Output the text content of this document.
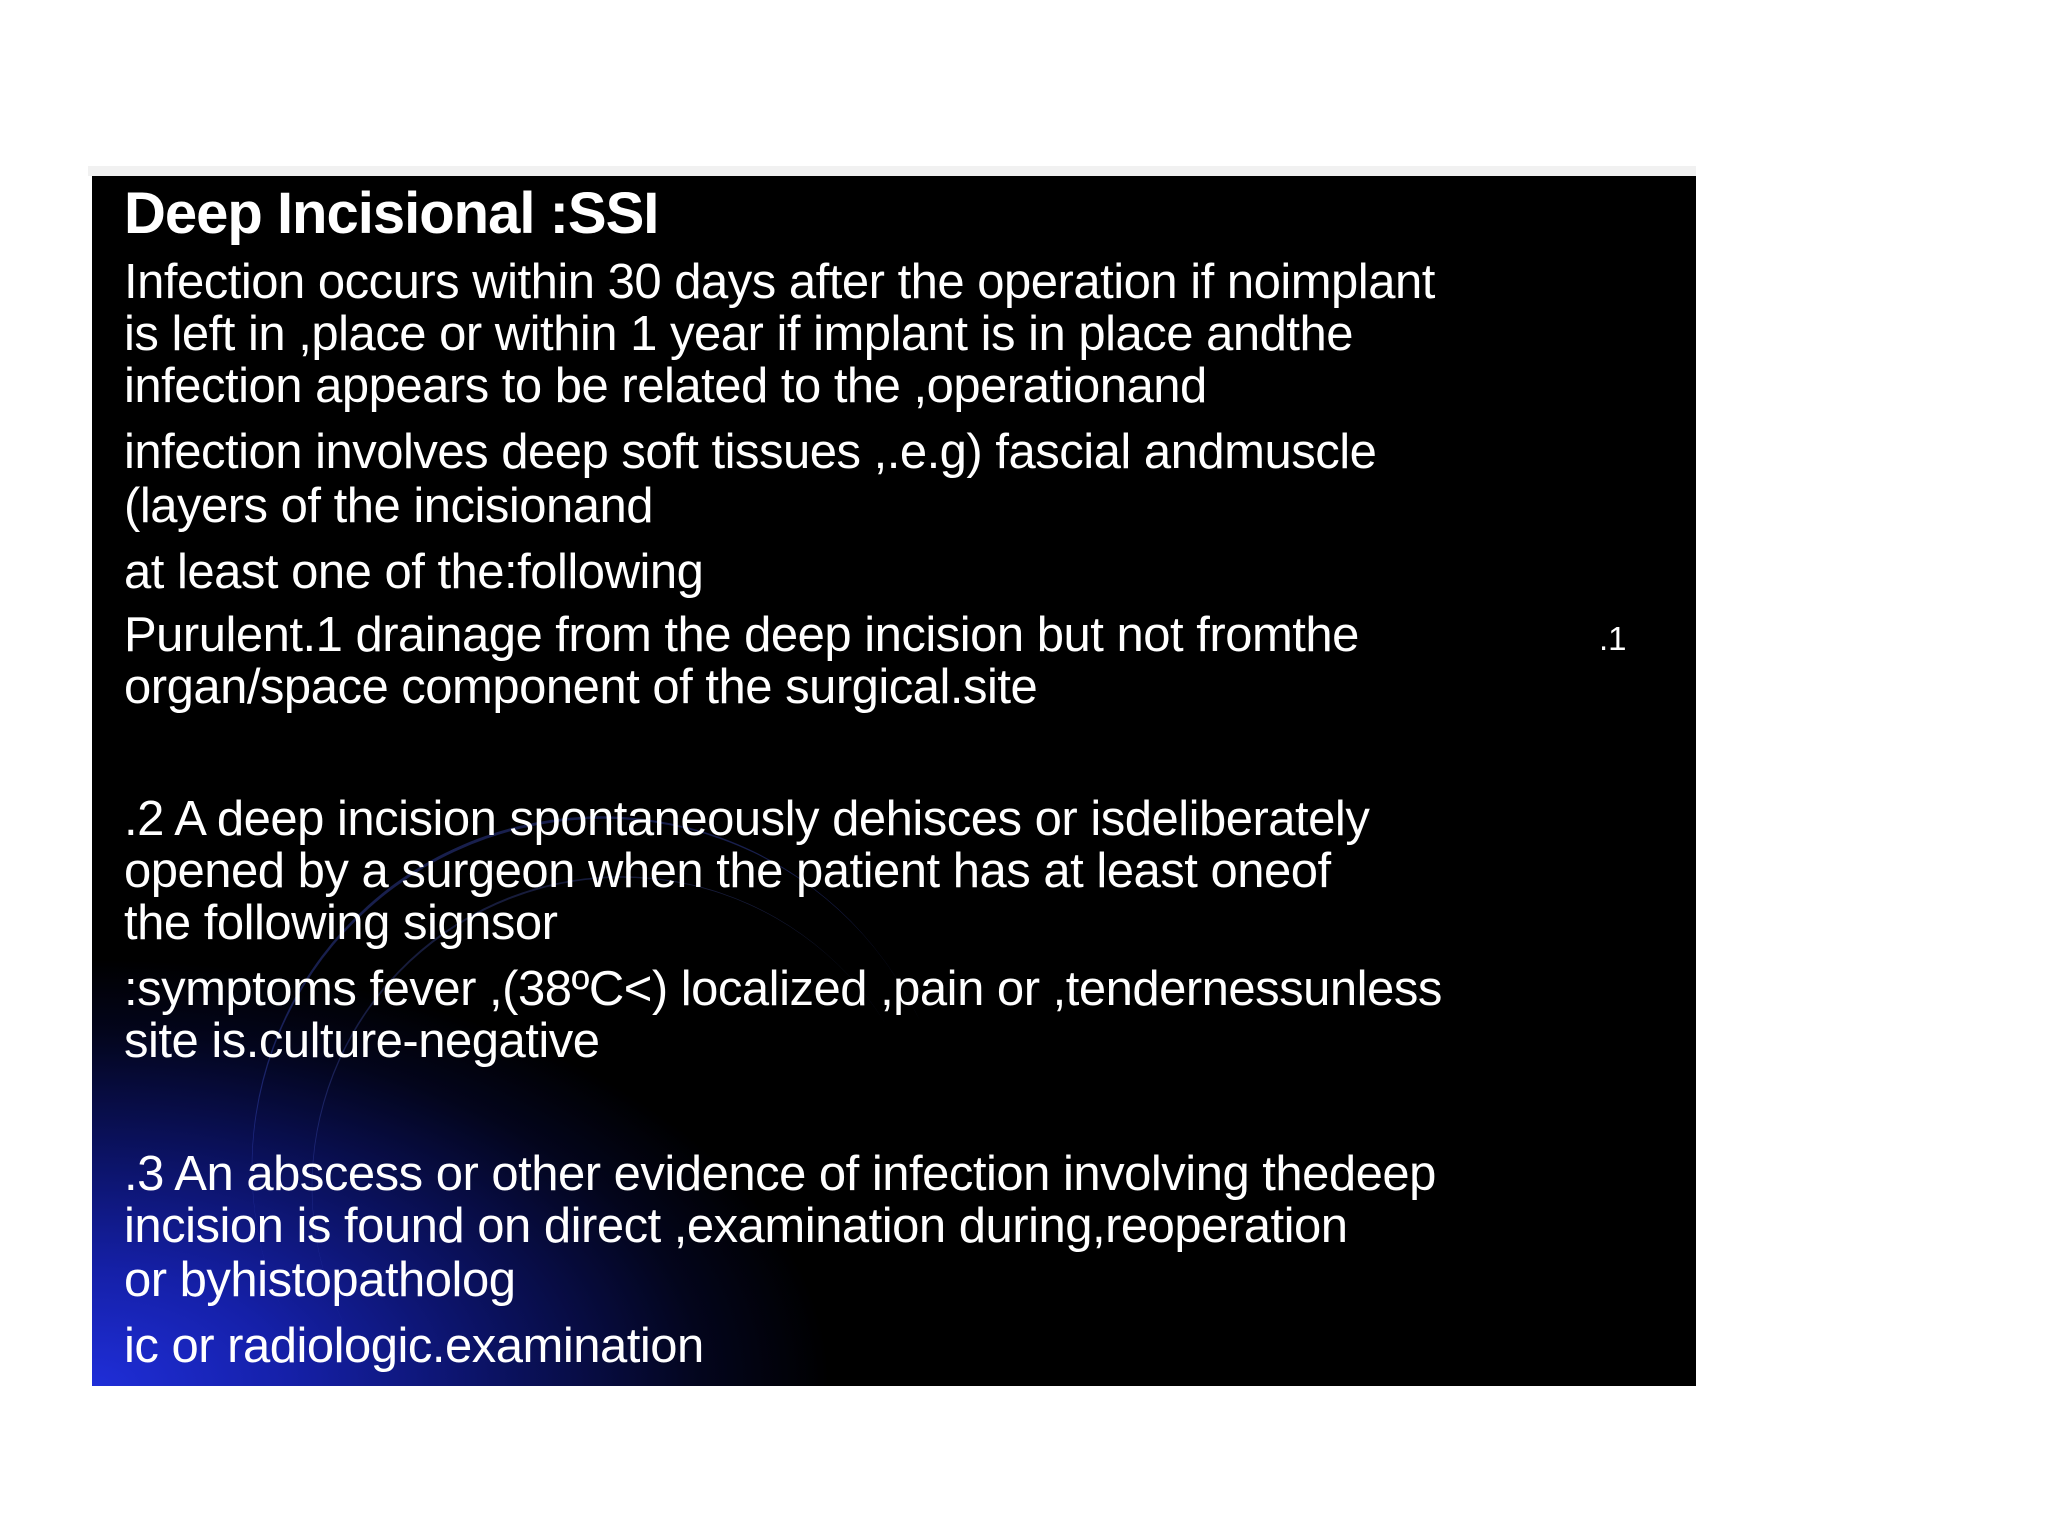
Deep Incisional :SSI

Infection occurs within 30 days after the operation if noimplant

is left in ,place or within 1 year if implant is in place andthe

infection appears to be related to the ,operationand

infection involves deep soft tissues ,.e.g) fascial andmuscle

(layers of the incisionand

at least one of the:following

Purulent.1 drainage from the deep incision but not fromthe

organ/space component of the surgical.site

.2 A deep incision spontaneously dehisces or isdeliberately

opened by a surgeon when the patient has at least oneof

the following signsor

:symptoms fever ,(38ºC<) localized ,pain or ,tendernessunless

site is.culture-negative

.3 An abscess or other evidence of infection involving thedeep

incision is found on direct ,examination during,reoperation

or byhistopatholog

ic or radiologic.examination

.1
